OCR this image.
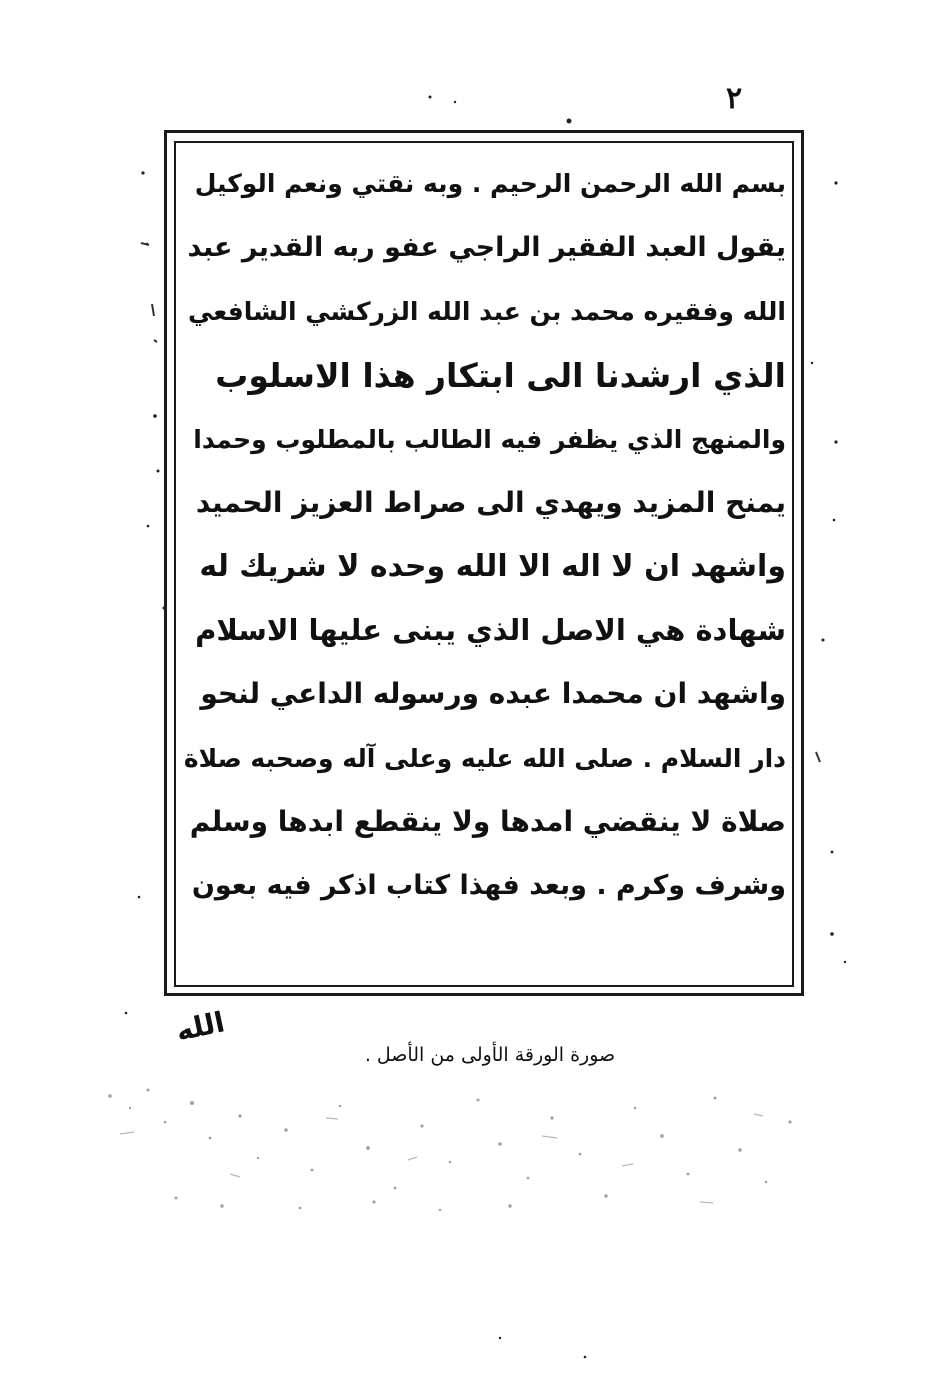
٢
بسم الله الرحمن الرحيم . وبه نقتي ونعم الوكيل
يقول العبد الفقير الراجي عفو ربه القدير عبد
الله وفقيره محمد بن عبد الله الزركشي الشافعي
الذي ارشدنا الى ابتكار هذا الاسلوب
والمنهج الذي يظفر فيه الطالب بالمطلوب وحمدا
يمنح المزيد ويهدي الى صراط العزيز الحميد
واشهد ان لا اله الا الله وحده لا شريك له
شهادة هي الاصل الذي يبنى عليها الاسلام
واشهد ان محمدا عبده ورسوله الداعي لنحو
دار السلام . صلى الله عليه وعلى آله وصحبه صلاة
صلاة لا ينقضي امدها ولا ينقطع ابدها وسلم
وشرف وكرم . وبعد فهذا كتاب اذكر فيه بعون
الله
صورة الورقة الأولى من الأصل .
